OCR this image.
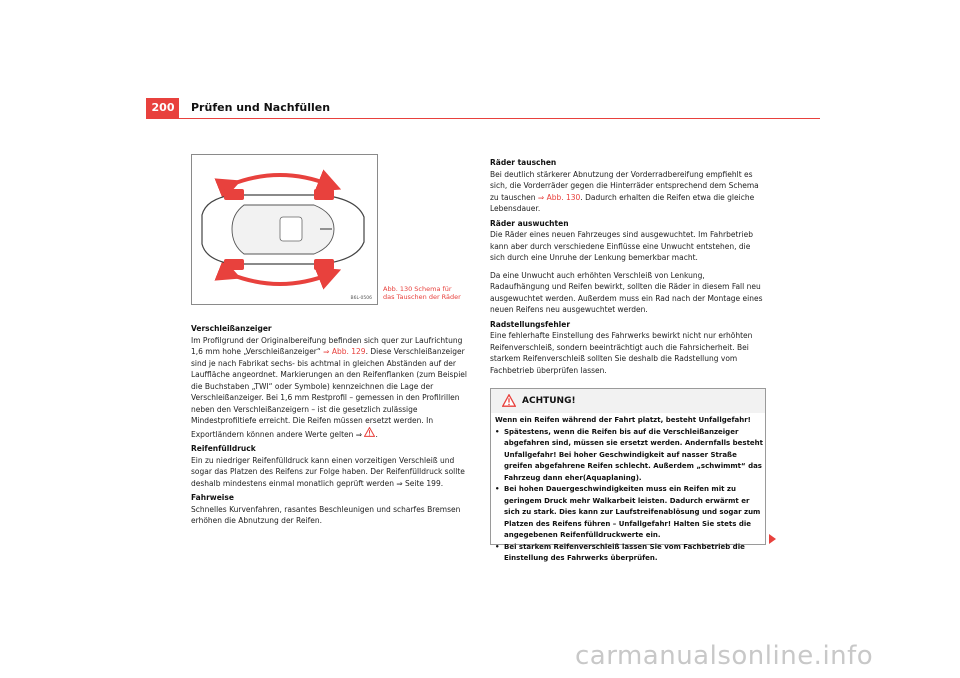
200 Prüfen und Nachfüllen
B6L-0506
Abb. 130 Schema für das Tauschen der Räder

Verschleißanzeiger

Im Profilgrund der Originalbereifung befinden sich quer zur Laufrichtung 1,6 mm hohe „Verschleißanzeiger“ ⇒ Abb. 129. Diese Verschleißanzeiger sind je nach Fabrikat sechs- bis achtmal in gleichen Abständen auf der Lauffläche angeordnet. Markierungen an den Reifenflanken (zum Beispiel die Buchstaben „TWI“ oder Symbole) kennzeichnen die Lage der Verschleißanzeiger. Bei 1,6 mm Restprofil – gemessen in den Profilrillen neben den Verschleißanzeigern – ist die gesetzlich zulässige Mindestprofiltiefe erreicht. Die Reifen müssen ersetzt werden. In Exportländern können andere Werte gelten ⇒ .

Reifenfülldruck

Ein zu niedriger Reifenfülldruck kann einen vorzeitigen Verschleiß und sogar das Platzen des Reifens zur Folge haben. Der Reifenfülldruck sollte deshalb mindestens einmal monatlich geprüft werden ⇒ Seite 199.

Fahrweise

Schnelles Kurvenfahren, rasantes Beschleunigen und scharfes Bremsen erhöhen die Abnutzung der Reifen.

Räder tauschen

Bei deutlich stärkerer Abnutzung der Vorderradbereifung empfiehlt es sich, die Vorderräder gegen die Hinterräder entsprechend dem Schema zu tauschen ⇒ Abb. 130. Dadurch erhalten die Reifen etwa die gleiche Lebensdauer.

Räder auswuchten

Die Räder eines neuen Fahrzeuges sind ausgewuchtet. Im Fahrbetrieb kann aber durch verschiedene Einflüsse eine Unwucht entstehen, die sich durch eine Unruhe der Lenkung bemerkbar macht.

Da eine Unwucht auch erhöhten Verschleiß von Lenkung, Radaufhängung und Reifen bewirkt, sollten die Räder in diesem Fall neu ausgewuchtet werden. Außerdem muss ein Rad nach der Montage eines neuen Reifens neu ausgewuchtet werden.

Radstellungsfehler

Eine fehlerhafte Einstellung des Fahrwerks bewirkt nicht nur erhöhten Reifenverschleiß, sondern beeinträchtigt auch die Fahrsicherheit. Bei starkem Reifenverschleiß sollten Sie deshalb die Radstellung vom Fachbetrieb überprüfen lassen.

ACHTUNG!

Wenn ein Reifen während der Fahrt platzt, besteht Unfallgefahr!

• Spätestens, wenn die Reifen bis auf die Verschleißanzeiger abgefahren sind, müssen sie ersetzt werden. Andernfalls besteht Unfallgefahr! Bei hoher Geschwindigkeit auf nasser Straße greifen abgefahrene Reifen schlecht. Außerdem „schwimmt“ das Fahrzeug dann eher(Aquaplaning).

• Bei hohen Dauergeschwindigkeiten muss ein Reifen mit zu geringem Druck mehr Walkarbeit leisten. Dadurch erwärmt er sich zu stark. Dies kann zur Laufstreifenablösung und sogar zum Platzen des Reifens führen – Unfallgefahr! Halten Sie stets die angegebenen Reifenfülldruckwerte ein.

• Bei starkem Reifenverschleiß lassen Sie vom Fachbetrieb die Einstellung des Fahrwerks überprüfen.

carmanualsonline.info
